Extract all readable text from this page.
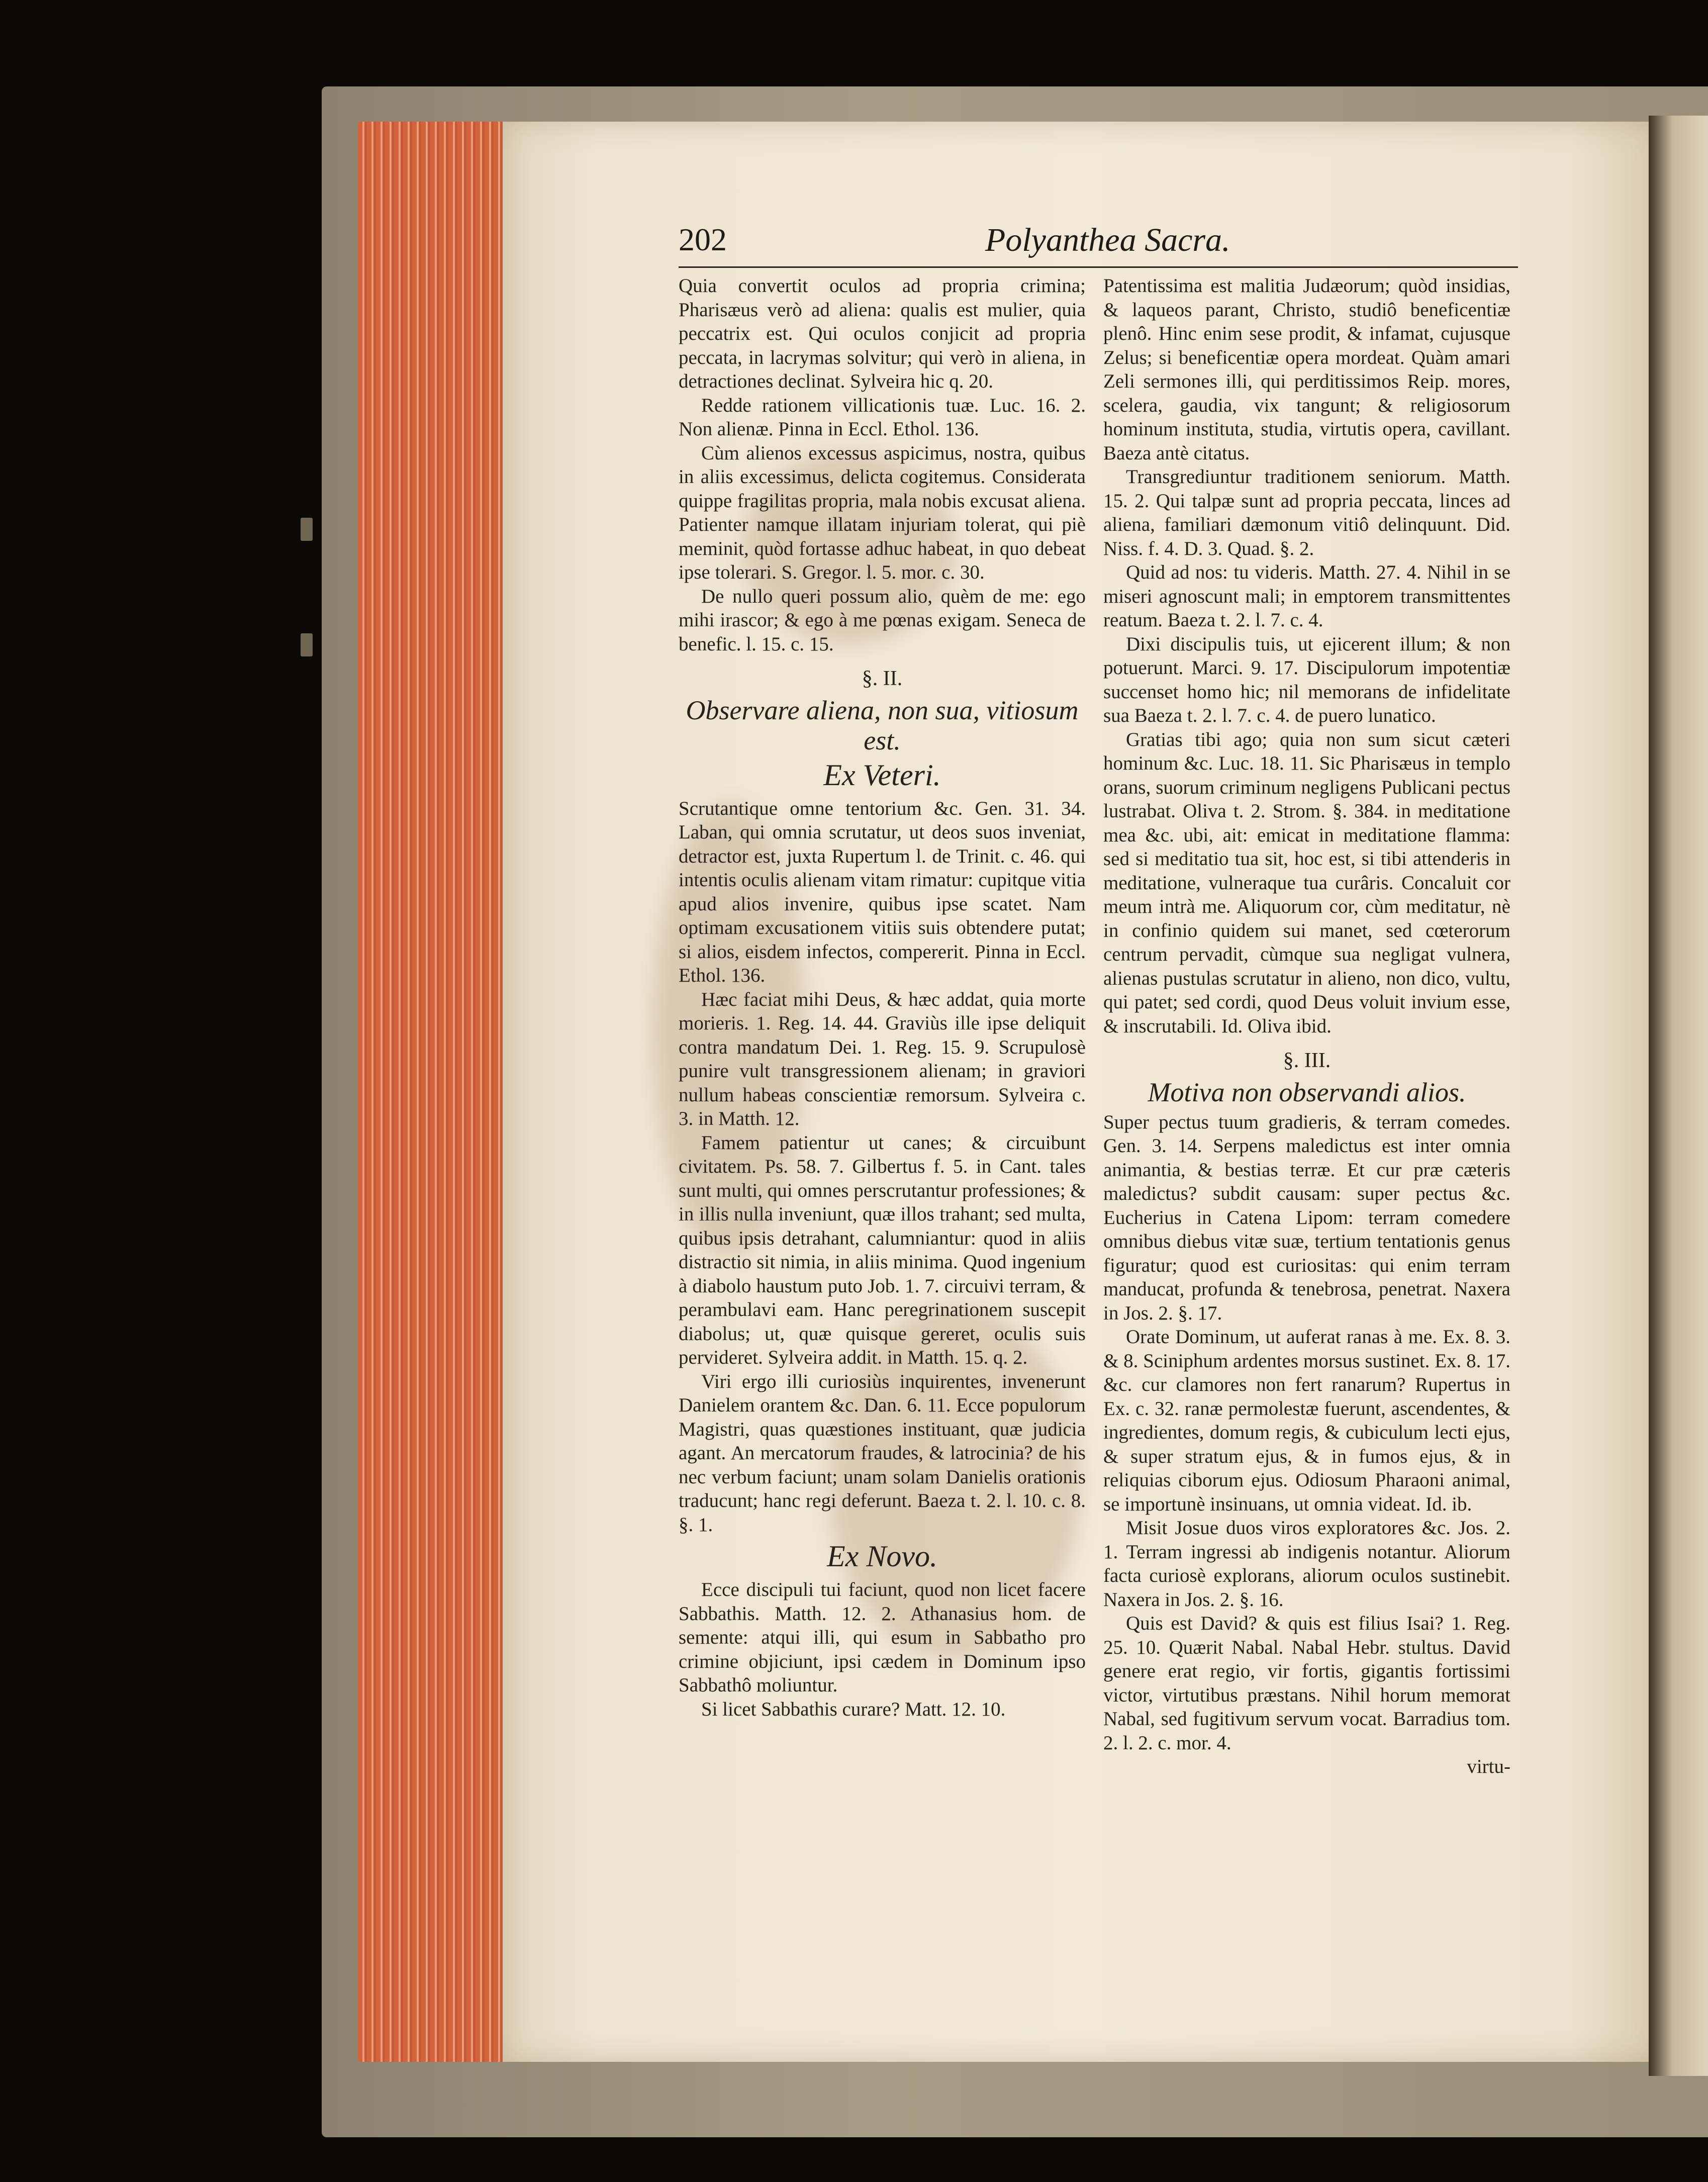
202	Polyanthea Sacra.

Quia convertit oculos ad propria crimina; Pharisæus verò ad aliena: qualis est mulier, quia peccatrix est. Qui oculos conjicit ad propria peccata, in lacrymas solvitur; qui verò in aliena, in detractiones declinat. Sylveira hic q. 20.

Redde rationem villicationis tuæ. Luc. 16. 2. Non alienæ. Pinna in Eccl. Ethol. 136.

Cùm alienos excessus aspicimus, nostra, quibus in aliis excessimus, delicta cogitemus. Considerata quippe fragilitas propria, mala nobis excusat aliena. Patienter namque illatam injuriam tolerat, qui piè meminit, quòd fortasse adhuc habeat, in quo debeat ipse tolerari. S. Gregor. l. 5. mor. c. 30.

De nullo queri possum alio, quèm de me: ego mihi irascor; & ego à me pœnas exigam. Seneca de benefic. l. 15. c. 15.

§. II.
Observare aliena, non sua, vitiosum est.
Ex Veteri.

Scrutantique omne tentorium &c. Gen. 31. 34. Laban, qui omnia scrutatur, ut deos suos inveniat, detractor est, juxta Rupertum l. de Trinit. c. 46. qui intentis oculis alienam vitam rimatur: cupitque vitia apud alios invenire, quibus ipse scatet. Nam optimam excusationem vitiis suis obtendere putat; si alios, eisdem infectos, compererit. Pinna in Eccl. Ethol. 136.

Hæc faciat mihi Deus, & hæc addat, quia morte morieris. 1. Reg. 14. 44. Graviùs ille ipse deliquit contra mandatum Dei. 1. Reg. 15. 9. Scrupulosè punire vult transgressionem alienam; in graviori nullum habeas conscientiæ remorsum. Sylveira c. 3. in Matth. 12.

Famem patientur ut canes; & circuibunt civitatem. Ps. 58. 7. Gilbertus f. 5. in Cant. tales sunt multi, qui omnes perscrutantur professiones; & in illis nulla inveniunt, quæ illos trahant; sed multa, quibus ipsis detrahant, calumniantur: quod in aliis distractio sit nimia, in aliis minima. Quod ingenium à diabolo haustum puto Job. 1. 7. circuivi terram, & perambulavi eam. Hanc peregrinationem suscepit diabolus; ut, quæ quisque gereret, oculis suis pervideret. Sylveira addit. in Matth. 15. q. 2.

Viri ergo illi curiosiùs inquirentes, invenerunt Danielem orantem &c. Dan. 6. 11. Ecce populorum Magistri, quas quæstiones instituant, quæ judicia agant. An mercatorum fraudes, & latrocinia? de his nec verbum faciunt; unam solam Danielis orationis traducunt; hanc regi deferunt. Baeza t. 2. l. 10. c. 8. §. 1.

Ex Novo.

Ecce discipuli tui faciunt, quod non licet facere Sabbathis. Matth. 12. 2. Athanasius hom. de semente: atqui illi, qui esum in Sabbatho pro crimine objiciunt, ipsi cædem in Dominum ipso Sabbathô moliuntur.

Si licet Sabbathis curare? Matt. 12. 10.

Patentissima est malitia Judæorum; quòd insidias, & laqueos parant, Christo, studiô beneficentiæ plenô. Hinc enim sese prodit, & infamat, cujusque Zelus; si beneficentiæ opera mordeat. Quàm amari Zeli sermones illi, qui perditissimos Reip. mores, scelera, gaudia, vix tangunt; & religiosorum hominum instituta, studia, virtutis opera, cavillant. Baeza antè citatus.

Transgrediuntur traditionem seniorum. Matth. 15. 2. Qui talpæ sunt ad propria peccata, linces ad aliena, familiari dæmonum vitiô delinquunt. Did. Niss. f. 4. D. 3. Quad. §. 2.

Quid ad nos: tu videris. Matth. 27. 4. Nihil in se miseri agnoscunt mali; in emptorem transmittentes reatum. Baeza t. 2. l. 7. c. 4.

Dixi discipulis tuis, ut ejicerent illum; & non potuerunt. Marci. 9. 17. Discipulorum impotentiæ succenset homo hic; nil memorans de infidelitate sua Baeza t. 2. l. 7. c. 4. de puero lunatico.

Gratias tibi ago; quia non sum sicut cæteri hominum &c. Luc. 18. 11. Sic Pharisæus in templo orans, suorum criminum negligens Publicani pectus lustrabat. Oliva t. 2. Strom. §. 384. in meditatione mea &c. ubi, ait: emicat in meditatione flamma: sed si meditatio tua sit, hoc est, si tibi attenderis in meditatione, vulneraque tua curâris. Concaluit cor meum intrà me. Aliquorum cor, cùm meditatur, nè in confinio quidem sui manet, sed cœterorum centrum pervadit, cùmque sua negligat vulnera, alienas pustulas scrutatur in alieno, non dico, vultu, qui patet; sed cordi, quod Deus voluit invium esse, & inscrutabili. Id. Oliva ibid.

§. III.
Motiva non observandi alios.

Super pectus tuum gradieris, & terram comedes. Gen. 3. 14. Serpens maledictus est inter omnia animantia, & bestias terræ. Et cur præ cæteris maledictus? subdit causam: super pectus &c. Eucherius in Catena Lipom: terram comedere omnibus diebus vitæ suæ, tertium tentationis genus figuratur; quod est curiositas: qui enim terram manducat, profunda & tenebrosa, penetrat. Naxera in Jos. 2. §. 17.

Orate Dominum, ut auferat ranas à me. Ex. 8. 3. & 8. Sciniphum ardentes morsus sustinet. Ex. 8. 17. &c. cur clamores non fert ranarum? Rupertus in Ex. c. 32. ranæ permolestæ fuerunt, ascendentes, & ingredientes, domum regis, & cubiculum lecti ejus, & super stratum ejus, & in fumos ejus, & in reliquias ciborum ejus. Odiosum Pharaoni animal, se importunè insinuans, ut omnia videat. Id. ib.

Misit Josue duos viros exploratores &c. Jos. 2. 1. Terram ingressi ab indigenis notantur. Aliorum facta curiosè explorans, aliorum oculos sustinebit. Naxera in Jos. 2. §. 16.

Quis est David? & quis est filius Isai? 1. Reg. 25. 10. Quærit Nabal. Nabal Hebr. stultus. David genere erat regio, vir fortis, gigantis fortissimi victor, virtutibus præstans. Nihil horum memorat Nabal, sed fugitivum servum vocat. Barradius tom. 2. l. 2. c. mor. 4.

virtu-
